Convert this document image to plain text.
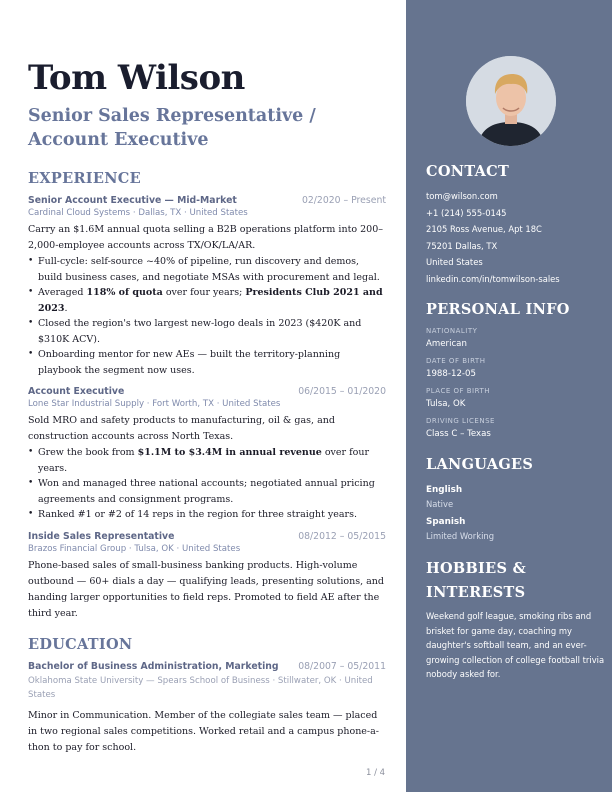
Tom Wilson
Senior Sales Representative / Account Executive
EXPERIENCE
Senior Account Executive — Mid-Market	02/2020 – Present
Cardinal Cloud Systems · Dallas, TX · United States
Carry an $1.6M annual quota selling a B2B operations platform into 200–2,000-employee accounts across TX/OK/LA/AR.
• Full-cycle: self-source ~40% of pipeline, run discovery and demos, build business cases, and negotiate MSAs with procurement and legal.
• Averaged 118% of quota over four years; Presidents Club 2021 and 2023.
• Closed the region's two largest new-logo deals in 2023 ($420K and $310K ACV).
• Onboarding mentor for new AEs — built the territory-planning playbook the segment now uses.
Account Executive	06/2015 – 01/2020
Lone Star Industrial Supply · Fort Worth, TX · United States
Sold MRO and safety products to manufacturing, oil & gas, and construction accounts across North Texas.
• Grew the book from $1.1M to $3.4M in annual revenue over four years.
• Won and managed three national accounts; negotiated annual pricing agreements and consignment programs.
• Ranked #1 or #2 of 14 reps in the region for three straight years.
Inside Sales Representative	08/2012 – 05/2015
Brazos Financial Group · Tulsa, OK · United States
Phone-based sales of small-business banking products. High-volume outbound — 60+ dials a day — qualifying leads, presenting solutions, and handing larger opportunities to field reps. Promoted to field AE after the third year.
EDUCATION
Bachelor of Business Administration, Marketing 08/2007 – 05/2011
Oklahoma State University — Spears School of Business · Stillwater, OK · United States
Minor in Communication. Member of the collegiate sales team — placed in two regional sales competitions. Worked retail and a campus phone-a-thon to pay for school.
1 / 4
CONTACT
tom@wilson.com
+1 (214) 555-0145
2105 Ross Avenue, Apt 18C
75201 Dallas, TX
United States
linkedin.com/in/tomwilson-sales
PERSONAL INFO
NATIONALITY
American
DATE OF BIRTH
1988-12-05
PLACE OF BIRTH
Tulsa, OK
DRIVING LICENSE
Class C – Texas
LANGUAGES
English
Native
Spanish
Limited Working
HOBBIES &
INTERESTS
Weekend golf league, smoking ribs and brisket for game day, coaching my daughter's softball team, and an ever-growing collection of college football trivia nobody asked for.
